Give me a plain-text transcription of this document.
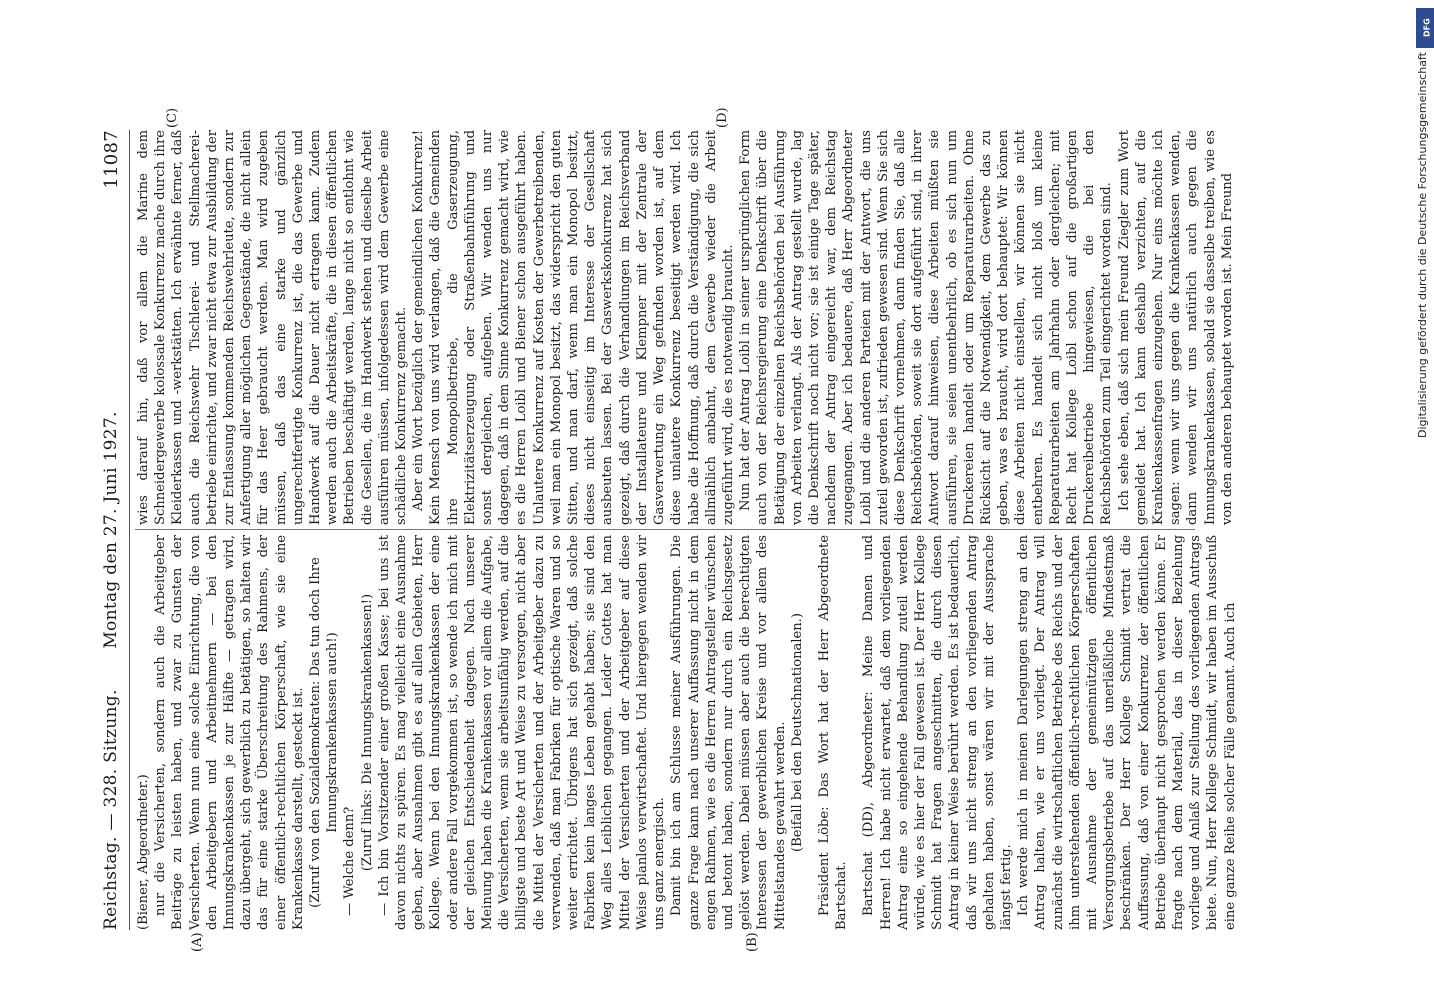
Reichstag. — 328. Sitzung.
Montag den 27. Juni 1927.
11087
(A)	(B)
(C)	(D)

(Biener, Abgeordneter.) nur die Versicherten, sondern auch die Arbeitgeber Beiträge zu leisten haben, und zwar zu Gunsten der Versicherten. Wenn nun eine solche Einrichtung, die von den Arbeitgebern und Arbeitnehmern — bei den Innungskrankenkassen je zur Hälfte — getragen wird, dazu übergeht, sich gewerblich zu betätigen, so halten wir das für eine starke Überschreitung des Rahmens, der einer öffentlich-rechtlichen Körperschaft, wie sie eine Krankenkasse darstellt, gesteckt ist. (Zuruf von den Sozialdemokraten: Das tun doch Ihre Innungskrankenkassen auch!)

— Welche denn? (Zuruf links: Die Innungskrankenkassen!) — Ich bin Vorsitzender einer großen Kasse; bei uns ist davon nichts zu spüren. Es mag vielleicht eine Ausnahme geben, aber Ausnahmen gibt es auf allen Gebieten, Herr Kollege. Wenn bei den Innungskrankenkassen der eine oder andere Fall vorgekommen ist, so wende ich mich mit der gleichen Entschiedenheit dagegen. Nach unserer Meinung haben die Krankenkassen vor allem die Aufgabe, die Versicherten, wenn sie arbeitsunfähig werden, auf die billigste und beste Art und Weise zu versorgen, nicht aber die Mittel der Versicherten und der Arbeitgeber dazu zu verwenden, daß man Fabriken für optische Waren und so weiter errichtet. Übrigens hat sich gezeigt, daß solche Fabriken kein langes Leben gehabt haben; sie sind den Weg alles Leiblichen gegangen. Leider Gottes hat man Mittel der Versicherten und der Arbeitgeber auf diese Weise planlos verwirtschaftet. Und hiergegen wenden wir uns ganz energisch. Damit bin ich am Schlusse meiner Ausführungen. Die ganze Frage kann nach unserer Auffassung nicht in dem engen Rahmen, wie es die Herren Antragsteller wünschen und betont haben, sondern nur durch ein Reichsgesetz gelöst werden. Dabei müssen aber auch die berechtigten Interessen der gewerblichen Kreise und vor allem des Mittelstandes gewahrt werden. (Beifall bei den Deutschnationalen.) Präsident Löbe: Das Wort hat der Herr Abgeordnete Bartschat. Bartschat (DD), Abgeordneter: Meine Damen und Herren! Ich habe nicht erwartet, daß dem vorliegenden Antrag eine so eingehende Behandlung zuteil werden würde, wie es hier der Fall gewesen ist. Der Herr Kollege Schmidt hat Fragen angeschnitten, die durch diesen Antrag in keiner Weise berührt werden. Es ist bedauerlich, daß wir uns nicht streng an den vorliegenden Antrag gehalten haben, sonst wären wir mit der Aussprache längst fertig. Ich werde mich in meinen Darlegungen streng an den Antrag halten, wie er uns vorliegt. Der Antrag will zunächst die wirtschaftlichen Betriebe des Reichs und der ihm unterstehenden öffentlich-rechtlichen Körperschaften mit Ausnahme der gemeinnützigen öffentlichen Versorgungsbetriebe auf das unerläßliche Mindestmaß beschränken. Der Herr Kollege Schmidt vertrat die Auffassung, daß von einer Konkurrenz der öffentlichen Betriebe überhaupt nicht gesprochen werden könne. Er fragte nach dem Material, das in dieser Beziehung vorliege und Anlaß zur Stellung des vorliegenden Antrags biete. Nun, Herr Kollege Schmidt, wir haben im Ausschuß eine ganze Reihe solcher Fälle genannt. Auch ich

wies darauf hin, daß vor allem die Marine dem Schneidergewerbe kolossale Konkurrenz mache durch ihre Kleiderkassen und -werkstätten. Ich erwähnte ferner, daß auch die Reichswehr Tischlerei- und Stellmacherei-betriebe einrichte, und zwar nicht etwa zur Ausbildung der zur Entlassung kommenden Reichswehrleute, sondern zur Anfertigung aller möglichen Gegenstände, die nicht allein für das Heer gebraucht werden. Man wird zugeben müssen, daß das eine starke und gänzlich ungerechtfertigte Konkurrenz ist, die das Gewerbe und Handwerk auf die Dauer nicht ertragen kann. Zudem werden auch die Arbeitskräfte, die in diesen öffentlichen Betrieben beschäftigt werden, lange nicht so entlohnt wie die Gesellen, die im Handwerk stehen und dieselbe Arbeit ausführen müssen, infolgedessen wird dem Gewerbe eine schädliche Konkurrenz gemacht. Aber ein Wort bezüglich der gemeindlichen Konkurrenz! Kein Mensch von uns wird verlangen, daß die Gemeinden ihre Monopolbetriebe, die Gaserzeugung, Elektrizitätserzeugung oder Straßenbahnführung und sonst dergleichen, aufgeben. Wir wenden uns nur dagegen, daß in dem Sinne Konkurrenz gemacht wird, wie es die Herren Loibl und Biener schon ausgeführt haben. Unlautere Konkurrenz auf Kosten der Gewerbetreibenden, weil man ein Monopol besitzt, das widerspricht den guten Sitten, und man darf, wenn man ein Monopol besitzt, dieses nicht einseitig im Interesse der Gesellschaft ausbeuten lassen. Bei der Gaswerkskonkurrenz hat sich gezeigt, daß durch die Verhandlungen im Reichsverband der Installateure und Klempner mit der Zentrale der Gasverwertung ein Weg gefunden worden ist, auf dem diese unlautere Konkurrenz beseitigt werden wird. Ich habe die Hoffnung, daß durch die Verständigung, die sich allmählich anbahnt, dem Gewerbe wieder die Arbeit zugeführt wird, die es notwendig braucht. Nun hat der Antrag Loibl in seiner ursprünglichen Form auch von der Reichsregierung eine Denkschrift über die Betätigung der einzelnen Reichsbehörden bei Ausführung von Arbeiten verlangt. Als der Antrag gestellt wurde, lag die Denkschrift noch nicht vor; sie ist einige Tage später, nachdem der Antrag eingereicht war, dem Reichstag zugegangen. Aber ich bedauere, daß Herr Abgeordneter Loibl und die anderen Parteien mit der Antwort, die uns zuteil geworden ist, zufrieden gewesen sind. Wenn Sie sich diese Denkschrift vornehmen, dann finden Sie, daß alle Reichsbehörden, soweit sie dort aufgeführt sind, in ihrer Antwort darauf hinweisen, diese Arbeiten müßten sie ausführen, sie seien unentbehrlich, ob es sich nun um Druckereien handelt oder um Reparaturarbeiten. Ohne Rücksicht auf die Notwendigkeit, dem Gewerbe das zu geben, was es braucht, wird dort behauptet: Wir können diese Arbeiten nicht einstellen, wir können sie nicht entbehren. Es handelt sich nicht bloß um kleine Reparaturarbeiten am Jahrhahn oder dergleichen; mit Recht hat Kollege Loibl schon auf die großartigen Druckereibetriebe hingewiesen, die bei den Reichsbehörden zum Teil eingerichtet worden sind. Ich sehe eben, daß sich mein Freund Ziegler zum Wort gemeldet hat. Ich kann deshalb verzichten, auf die Krankenkassenfragen einzugehen. Nur eins möchte ich sagen: wenn wir uns gegen die Krankenkassen wenden, dann wenden wir uns natürlich auch gegen die Innungskrankenkassen, sobald sie dasselbe treiben, wie es von den anderen behauptet worden ist. Mein Freund

DFG
Digitalisierung gefördert durch die Deutsche Forschungsgemeinschaft
